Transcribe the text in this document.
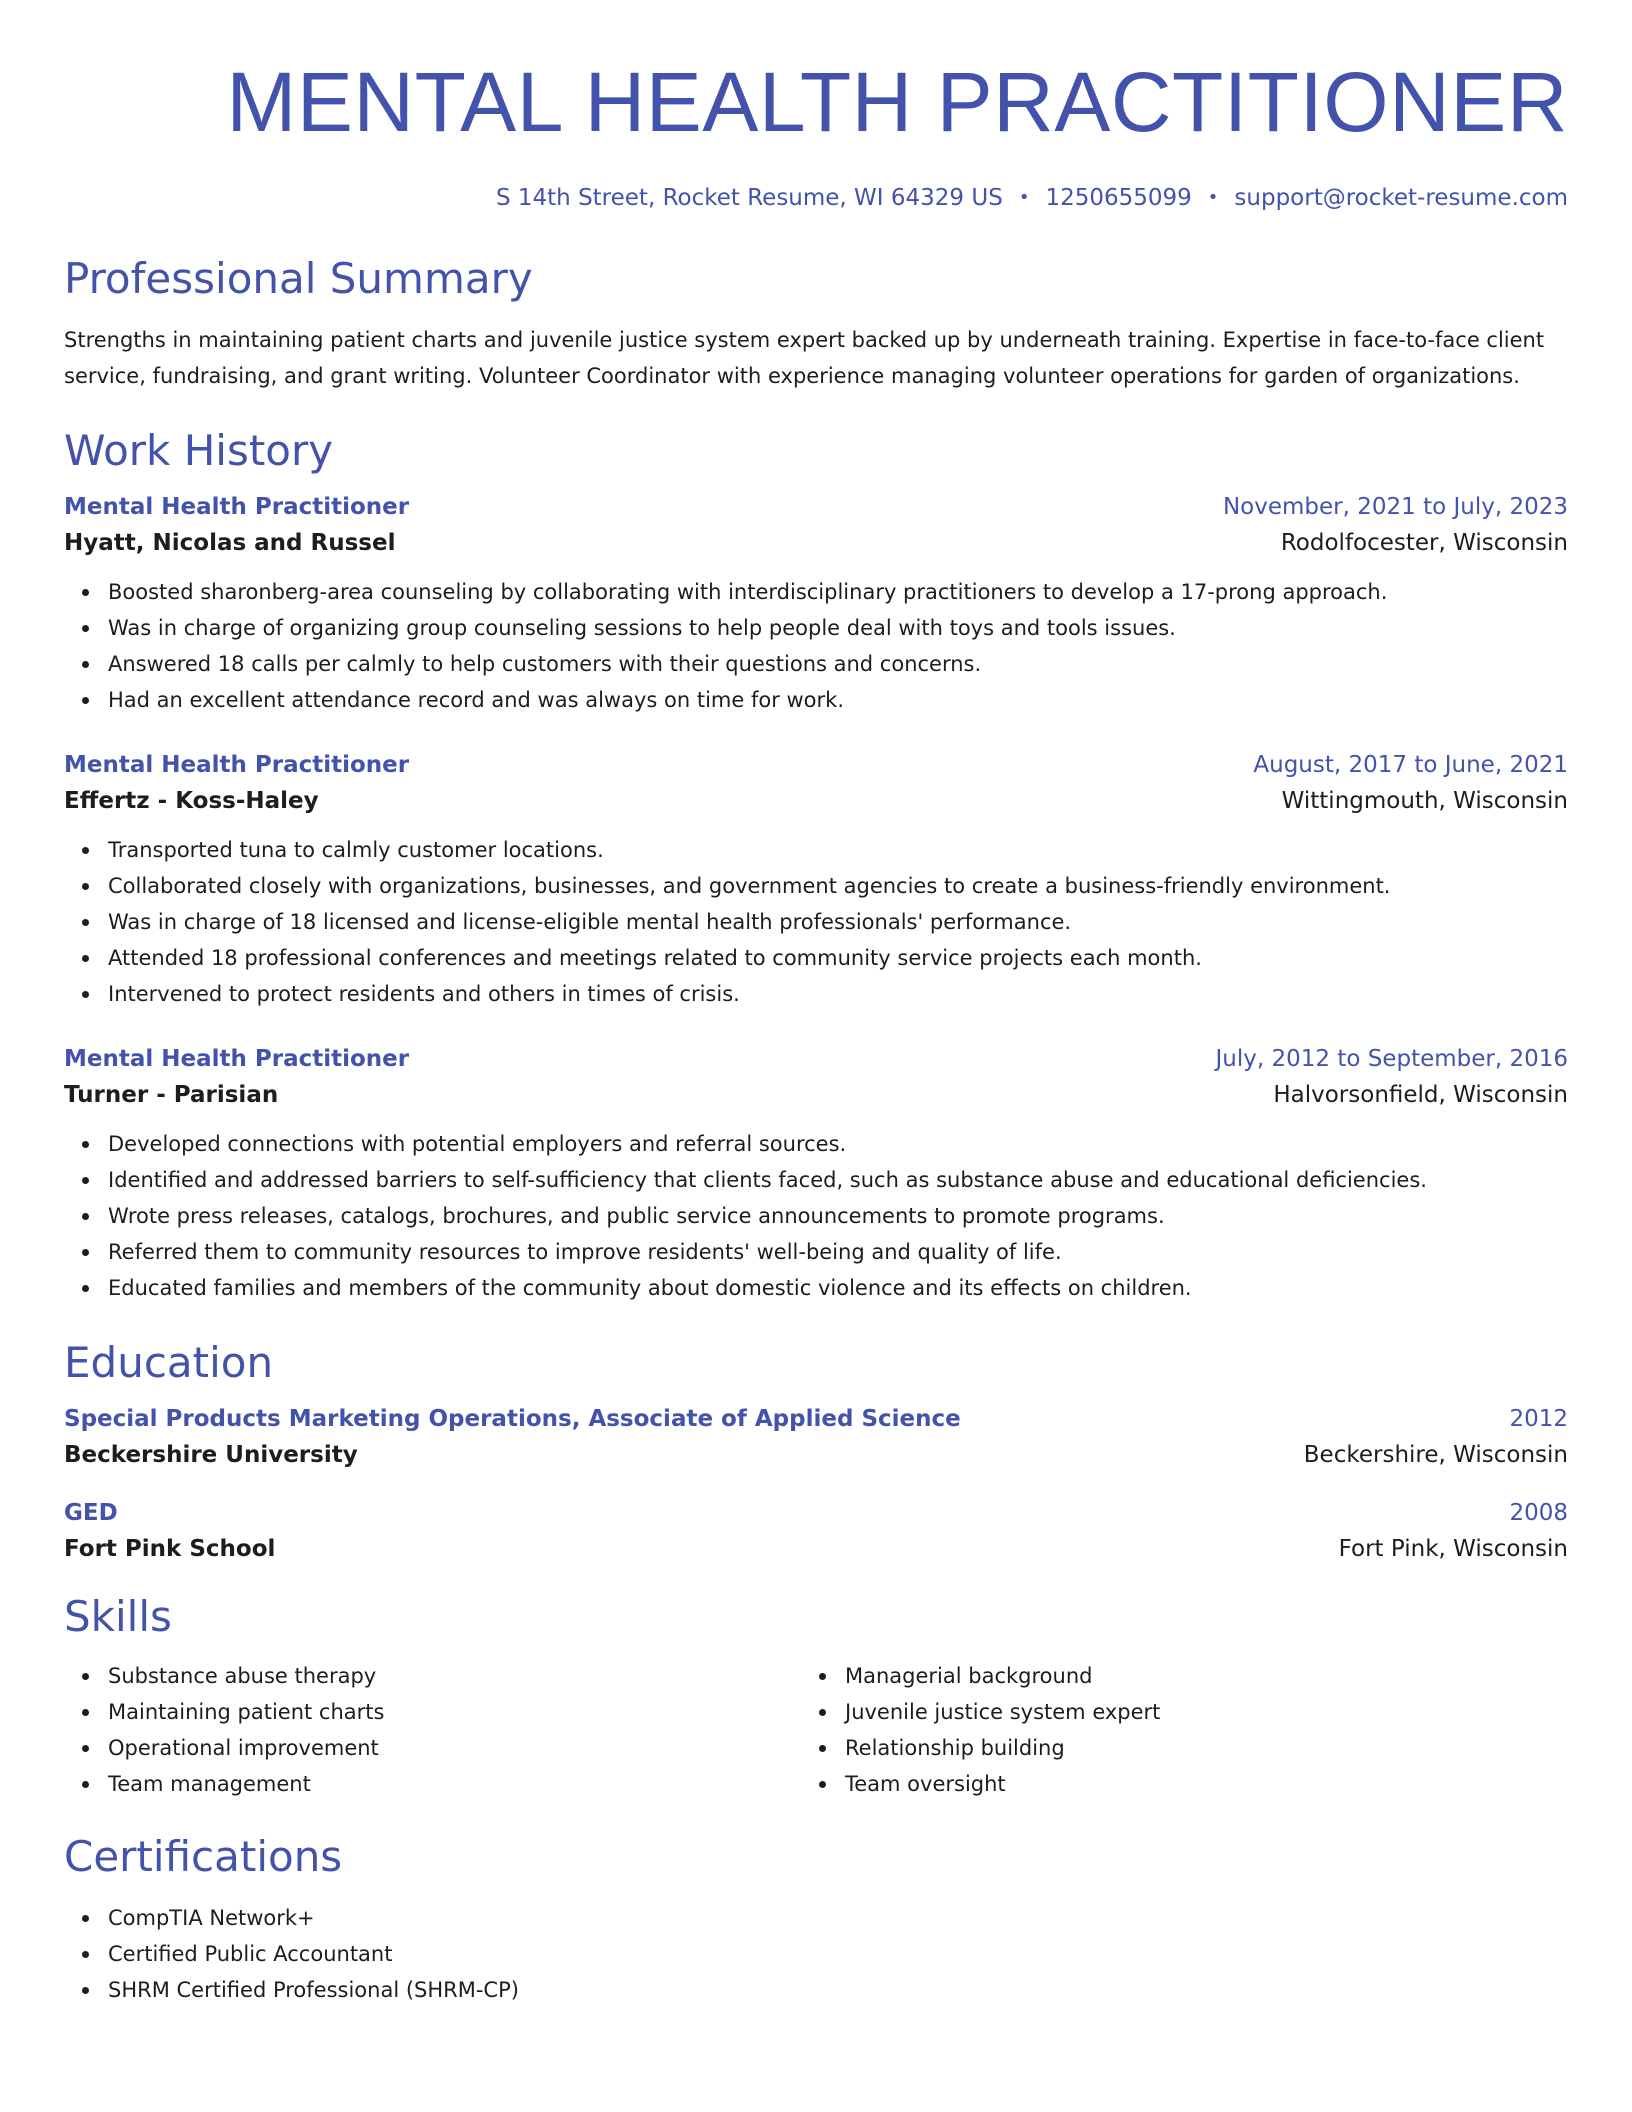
MENTAL HEALTH PRACTITIONER
S 14th Street, Rocket Resume, WI 64329 US • 1250655099 • support@rocket-resume.com
Professional Summary

Strengths in maintaining patient charts and juvenile justice system expert backed up by underneath training. Expertise in face-to-face client service, fundraising, and grant writing. Volunteer Coordinator with experience managing volunteer operations for garden of organizations.

Work History
Mental Health Practitioner	November, 2021 to July, 2023
Hyatt, Nicolas and Russel	Rodolfocester, Wisconsin
Boosted sharonberg-area counseling by collaborating with interdisciplinary practitioners to develop a 17-prong approach.
Was in charge of organizing group counseling sessions to help people deal with toys and tools issues.
Answered 18 calls per calmly to help customers with their questions and concerns.
Had an excellent attendance record and was always on time for work.
Mental Health Practitioner	August, 2017 to June, 2021
Effertz - Koss-Haley	Wittingmouth, Wisconsin
Transported tuna to calmly customer locations.
Collaborated closely with organizations, businesses, and government agencies to create a business-friendly environment.
Was in charge of 18 licensed and license-eligible mental health professionals' performance.
Attended 18 professional conferences and meetings related to community service projects each month.
Intervened to protect residents and others in times of crisis.
Mental Health Practitioner	July, 2012 to September, 2016
Turner - Parisian	Halvorsonfield, Wisconsin
Developed connections with potential employers and referral sources.
Identified and addressed barriers to self-sufficiency that clients faced, such as substance abuse and educational deficiencies.
Wrote press releases, catalogs, brochures, and public service announcements to promote programs.
Referred them to community resources to improve residents' well-being and quality of life.
Educated families and members of the community about domestic violence and its effects on children.
Education
Special Products Marketing Operations, Associate of Applied Science	2012
Beckershire University	Beckershire, Wisconsin
GED	2008
Fort Pink School	Fort Pink, Wisconsin
Skills
Substance abuse therapy
Maintaining patient charts
Operational improvement
Team management
Managerial background
Juvenile justice system expert
Relationship building
Team oversight
Certifications
CompTIA Network+
Certified Public Accountant
SHRM Certified Professional (SHRM-CP)
